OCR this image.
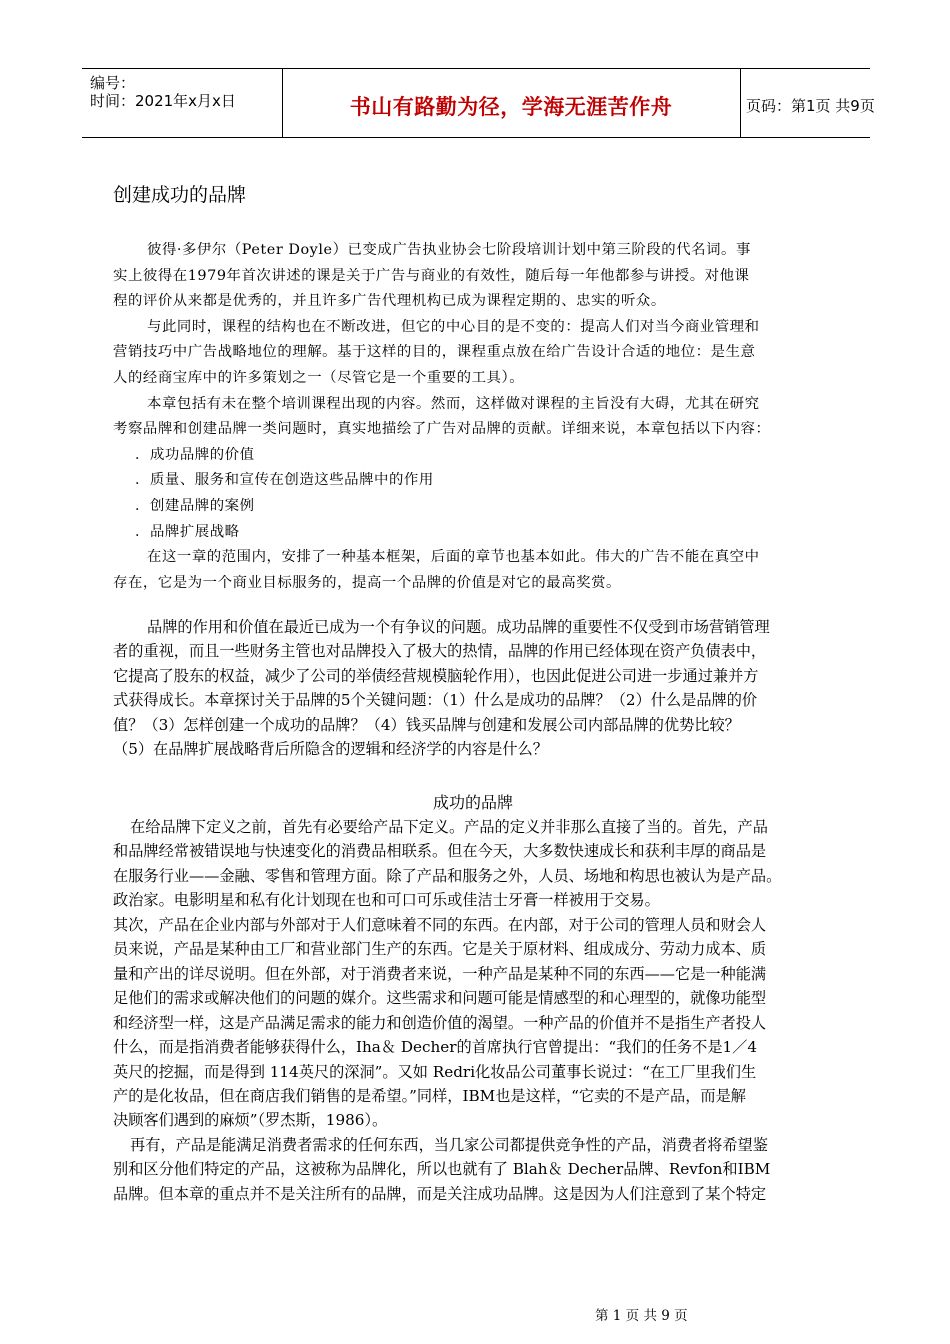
编号：
时间：2021年x月x日	书山有路勤为径，学海无涯苦作舟	页码：第1页 共9页
创建成功的品牌

彼得·多伊尔（Peter Doyle）已变成广告执业协会七阶段培训计划中第三阶段的代名词。事

实上彼得在1979年首次讲述的课是关于广告与商业的有效性，随后每一年他都参与讲授。对他课

程的评价从来都是优秀的，并且许多广告代理机构已成为课程定期的、忠实的听众。

与此同时，课程的结构也在不断改进，但它的中心目的是不变的：提高人们对当今商业管理和

营销技巧中广告战略地位的理解。基于这样的目的，课程重点放在给广告设计合适的地位：是生意

人的经商宝库中的许多策划之一（尽管它是一个重要的工具）。

本章包括有未在整个培训课程出现的内容。然而，这样做对课程的主旨没有大碍，尤其在研究

考察品牌和创建品牌一类问题时，真实地描绘了广告对品牌的贡献。详细来说，本章包括以下内容：

．成功品牌的价值

．质量、服务和宣传在创造这些品牌中的作用

．创建品牌的案例

．品牌扩展战略

在这一章的范围内，安排了一种基本框架，后面的章节也基本如此。伟大的广告不能在真空中

存在，它是为一个商业目标服务的，提高一个品牌的价值是对它的最高奖赏。

品牌的作用和价值在最近已成为一个有争议的问题。成功品牌的重要性不仅受到市场营销管理

者的重视，而且一些财务主管也对品牌投入了极大的热情，品牌的作用已经体现在资产负债表中，

它提高了股东的权益，减少了公司的举债经营规模脑轮作用），也因此促进公司进一步通过兼并方

式获得成长。本章探讨关于品牌的5个关键问题：（1）什么是成功的品牌？（2）什么是品牌的价

值？（3）怎样创建一个成功的品牌？（4）钱买品牌与创建和发展公司内部品牌的优势比较？

（5）在品牌扩展战略背后所隐含的逻辑和经济学的内容是什么？

成功的品牌

在给品牌下定义之前，首先有必要给产品下定义。产品的定义并非那么直接了当的。首先，产品

和品牌经常被错误地与快速变化的消费品相联系。但在今天，大多数快速成长和获利丰厚的商品是

在服务行业——金融、零售和管理方面。除了产品和服务之外，人员、场地和构思也被认为是产品。

政治家。电影明星和私有化计划现在也和可口可乐或佳洁士牙膏一样被用于交易。

其次，产品在企业内部与外部对于人们意味着不同的东西。在内部，对于公司的管理人员和财会人

员来说，产品是某种由工厂和营业部门生产的东西。它是关于原材料、组成成分、劳动力成本、质

量和产出的详尽说明。但在外部，对于消费者来说，一种产品是某种不同的东西——它是一种能满

足他们的需求或解决他们的问题的媒介。这些需求和问题可能是情感型的和心理型的，就像功能型

和经济型一样，这是产品满足需求的能力和创造价值的渴望。一种产品的价值并不是指生产者投人

什么，而是指消费者能够获得什么，Iha＆ Decher的首席执行官曾提出：“我们的任务不是1／4

英尺的挖掘，而是得到 114英尺的深洞”。又如 Redri化妆品公司董事长说过：“在工厂里我们生

产的是化妆品，但在商店我们销售的是希望。”同样，IBM也是这样，“它卖的不是产品，而是解

决顾客们遇到的麻烦”（罗杰斯，1986）。

再有，产品是能满足消费者需求的任何东西，当几家公司都提供竞争性的产品，消费者将希望鉴

别和区分他们特定的产品，这被称为品牌化，所以也就有了 Blah＆ Decher品牌、Revfon和IBM

品牌。但本章的重点并不是关注所有的品牌，而是关注成功品牌。这是因为人们注意到了某个特定

第 1 页 共 9 页
